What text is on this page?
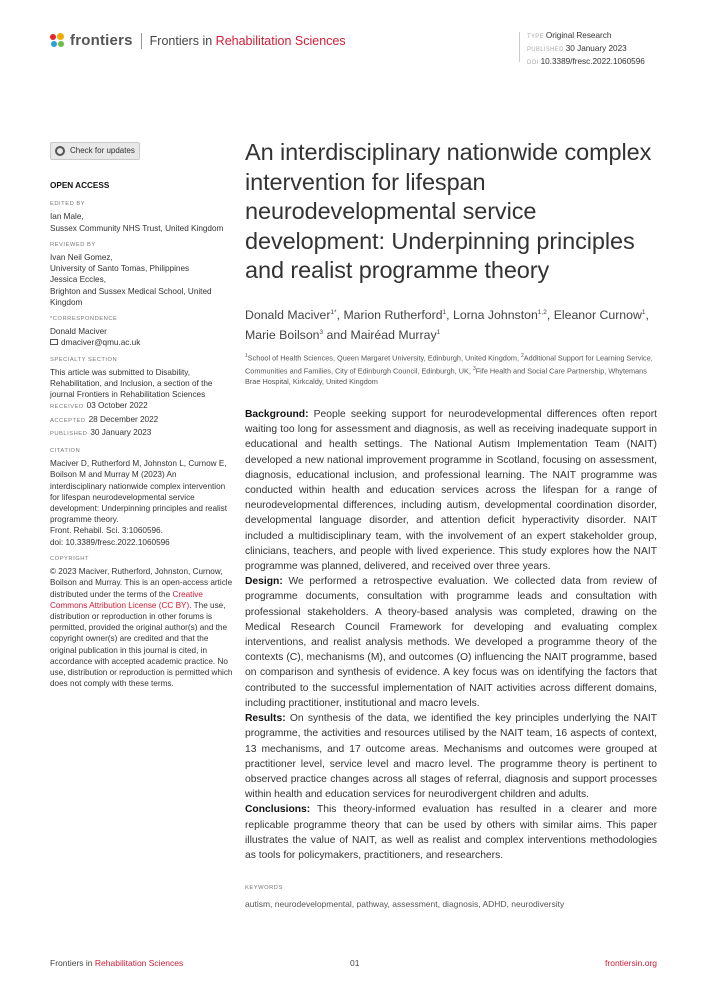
frontiers Frontiers in Rehabilitation Sciences	TYPE Original Research
PUBLISHED 30 January 2023
DOI 10.3389/fresc.2022.1060596
Check for updates
OPEN ACCESS
EDITED BY
Ian Male,
Sussex Community NHS Trust, United Kingdom
REVIEWED BY
Ivan Neil Gomez,
University of Santo Tomas, Philippines
Jessica Eccles,
Brighton and Sussex Medical School, United Kingdom
*CORRESPONDENCE
Donald Maciver
dmaciver@qmu.ac.uk
SPECIALTY SECTION
This article was submitted to Disability, Rehabilitation, and Inclusion, a section of the journal Frontiers in Rehabilitation Sciences
RECEIVED 03 October 2022
ACCEPTED 28 December 2022
PUBLISHED 30 January 2023
CITATION
Maciver D, Rutherford M, Johnston L, Curnow E, Boilson M and Murray M (2023) An interdisciplinary nationwide complex intervention for lifespan neurodevelopmental service development: Underpinning principles and realist programme theory.
Front. Rehabil. Sci. 3:1060596.
doi: 10.3389/fresc.2022.1060596
COPYRIGHT
© 2023 Maciver, Rutherford, Johnston, Curnow, Boilson and Murray. This is an open-access article distributed under the terms of the Creative Commons Attribution License (CC BY). The use, distribution or reproduction in other forums is permitted, provided the original author(s) and the copyright owner(s) are credited and that the original publication in this journal is cited, in accordance with accepted academic practice. No use, distribution or reproduction is permitted which does not comply with these terms.
An interdisciplinary nationwide complex intervention for lifespan neurodevelopmental service development: Underpinning principles and realist programme theory
Donald Maciver$^{1*}$, Marion Rutherford$^1$, Lorna Johnston$^{1,2}$, Eleanor Curnow$^1$, Marie Boilson$^3$ and Mairéad Murray$^1$
$^1$School of Health Sciences, Queen Margaret University, Edinburgh, United Kingdom, $^2$Additional Support for Learning Service, Communities and Families, City of Edinburgh Council, Edinburgh, UK, $^3$Fife Health and Social Care Partnership, Whytemans Brae Hospital, Kirkcaldy, United Kingdom

Background: People seeking support for neurodevelopmental differences often report waiting too long for assessment and diagnosis, as well as receiving inadequate support in educational and health settings. The National Autism Implementation Team (NAIT) developed a new national improvement programme in Scotland, focusing on assessment, diagnosis, educational inclusion, and professional learning. The NAIT programme was conducted within health and education services across the lifespan for a range of neurodevelopmental differences, including autism, developmental coordination disorder, developmental language disorder, and attention deficit hyperactivity disorder. NAIT included a multidisciplinary team, with the involvement of an expert stakeholder group, clinicians, teachers, and people with lived experience. This study explores how the NAIT programme was planned, delivered, and received over three years.

Design: We performed a retrospective evaluation. We collected data from review of programme documents, consultation with programme leads and consultation with professional stakeholders. A theory-based analysis was completed, drawing on the Medical Research Council Framework for developing and evaluating complex interventions, and realist analysis methods. We developed a programme theory of the contexts (C), mechanisms (M), and outcomes (O) influencing the NAIT programme, based on comparison and synthesis of evidence. A key focus was on identifying the factors that contributed to the successful implementation of NAIT activities across different domains, including practitioner, institutional and macro levels.

Results: On synthesis of the data, we identified the key principles underlying the NAIT programme, the activities and resources utilised by the NAIT team, 16 aspects of context, 13 mechanisms, and 17 outcome areas. Mechanisms and outcomes were grouped at practitioner level, service level and macro level. The programme theory is pertinent to observed practice changes across all stages of referral, diagnosis and support processes within health and education services for neurodivergent children and adults.

Conclusions: This theory-informed evaluation has resulted in a clearer and more replicable programme theory that can be used by others with similar aims. This paper illustrates the value of NAIT, as well as realist and complex interventions methodologies as tools for policymakers, practitioners, and researchers.

KEYWORDS
autism, neurodevelopmental, pathway, assessment, diagnosis, ADHD, neurodiversity
Frontiers in Rehabilitation Sciences	01	frontiersin.org
